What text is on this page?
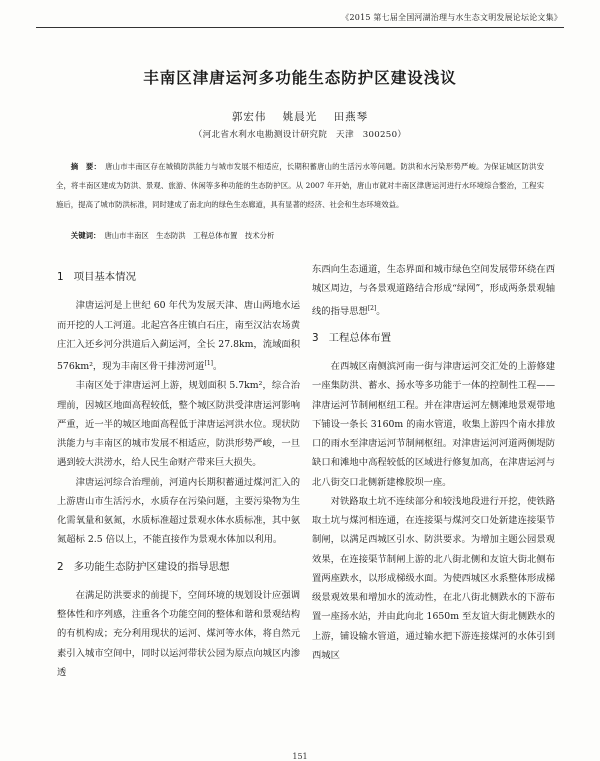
《2015 第七届全国河湖治理与水生态文明发展论坛论文集》
丰南区津唐运河多功能生态防护区建设浅议
郭宏伟 姚晨光 田燕琴
（河北省水利水电勘测设计研究院　天津　300250）

摘　要： 唐山市丰南区存在城镇防洪能力与城市发展不相适应，长期积蓄唐山的生活污水等问题。防洪和水污染形势严峻。为保证城区防洪安全，将丰南区建成为防洪、景观、旅游、休闲等多种功能的生态防护区。从 2007 年开始，唐山市就对丰南区津唐运河进行水环境综合整治，工程实施后，提高了城市防洪标准，同时建成了南北向的绿色生态廊道，具有显著的经济、社会和生态环境效益。

关键词： 唐山市丰南区　生态防洪　工程总体布置　技术分析

1 项目基本情况

津唐运河是上世纪 60 年代为发展天津、唐山两地水运而开挖的人工河道。北起宫各庄镇白石庄，南至汉沽农场黄庄汇入还乡河分洪道后入蓟运河，全长 27.8km，流域面积 576km²，现为丰南区骨干排涝河道[1]。

丰南区处于津唐运河上游，规划面积 5.7km²，综合治理前，因城区地面高程较低，整个城区防洪受津唐运河影响严重，近一半的城区地面高程低于津唐运河洪水位。现状防洪能力与丰南区的城市发展不相适应，防洪形势严峻，一旦遇到较大洪涝水，给人民生命财产带来巨大损失。

津唐运河综合治理前，河道内长期积蓄通过煤河汇入的上游唐山市生活污水，水质存在污染问题，主要污染物为生化需氧量和氨氮，水质标准超过景观水体水质标准，其中氨氮超标 2.5 倍以上，不能直接作为景观水体加以利用。

2 多功能生态防护区建设的指导思想

在满足防洪要求的前提下，空间环境的规划设计应强调整体性和序列感，注重各个功能空间的整体和谐和景观结构的有机构成；充分利用现状的运河、煤河等水体，将自然元素引入城市空间中，同时以运河带状公园为原点向城区内渗透

东西向生态通道，生态界面和城市绿色空间发展带环绕在西城区周边，与各景观道路结合形成“绿网”，形成两条景观轴线的指导思想[2]。

3 工程总体布置

在西城区南侧滨河南一街与津唐运河交汇处的上游修建一座集防洪、蓄水、扬水等多功能于一体的控制性工程——津唐运河节制闸枢纽工程。并在津唐运河左侧滩地景观带地下铺设一条长 3160m 的南水管道，收集上游四个南水排放口的雨水至津唐运河节制闸枢纽。对津唐运河河道两侧堤防缺口和滩地中高程较低的区域进行修复加高，在津唐运河与北八街交口北侧新建橡胶坝一座。

对铁路取土坑不连续部分和较浅地段进行开挖，使铁路取土坑与煤河相连通，在连接渠与煤河交口处新建连接渠节制闸，以满足西城区引水、防洪要求。为增加主题公园景观效果，在连接渠节制闸上游的北八街北侧和友谊大街北侧布置两座跌水，以形成梯级水面。为使西城区水系整体形成梯级景观效果和增加水的流动性，在北八街北侧跌水的下游布置一座扬水站，并由此向北 1650m 至友谊大街北侧跌水的上游，铺设输水管道，通过输水把下游连接煤河的水体引到西城区

151
